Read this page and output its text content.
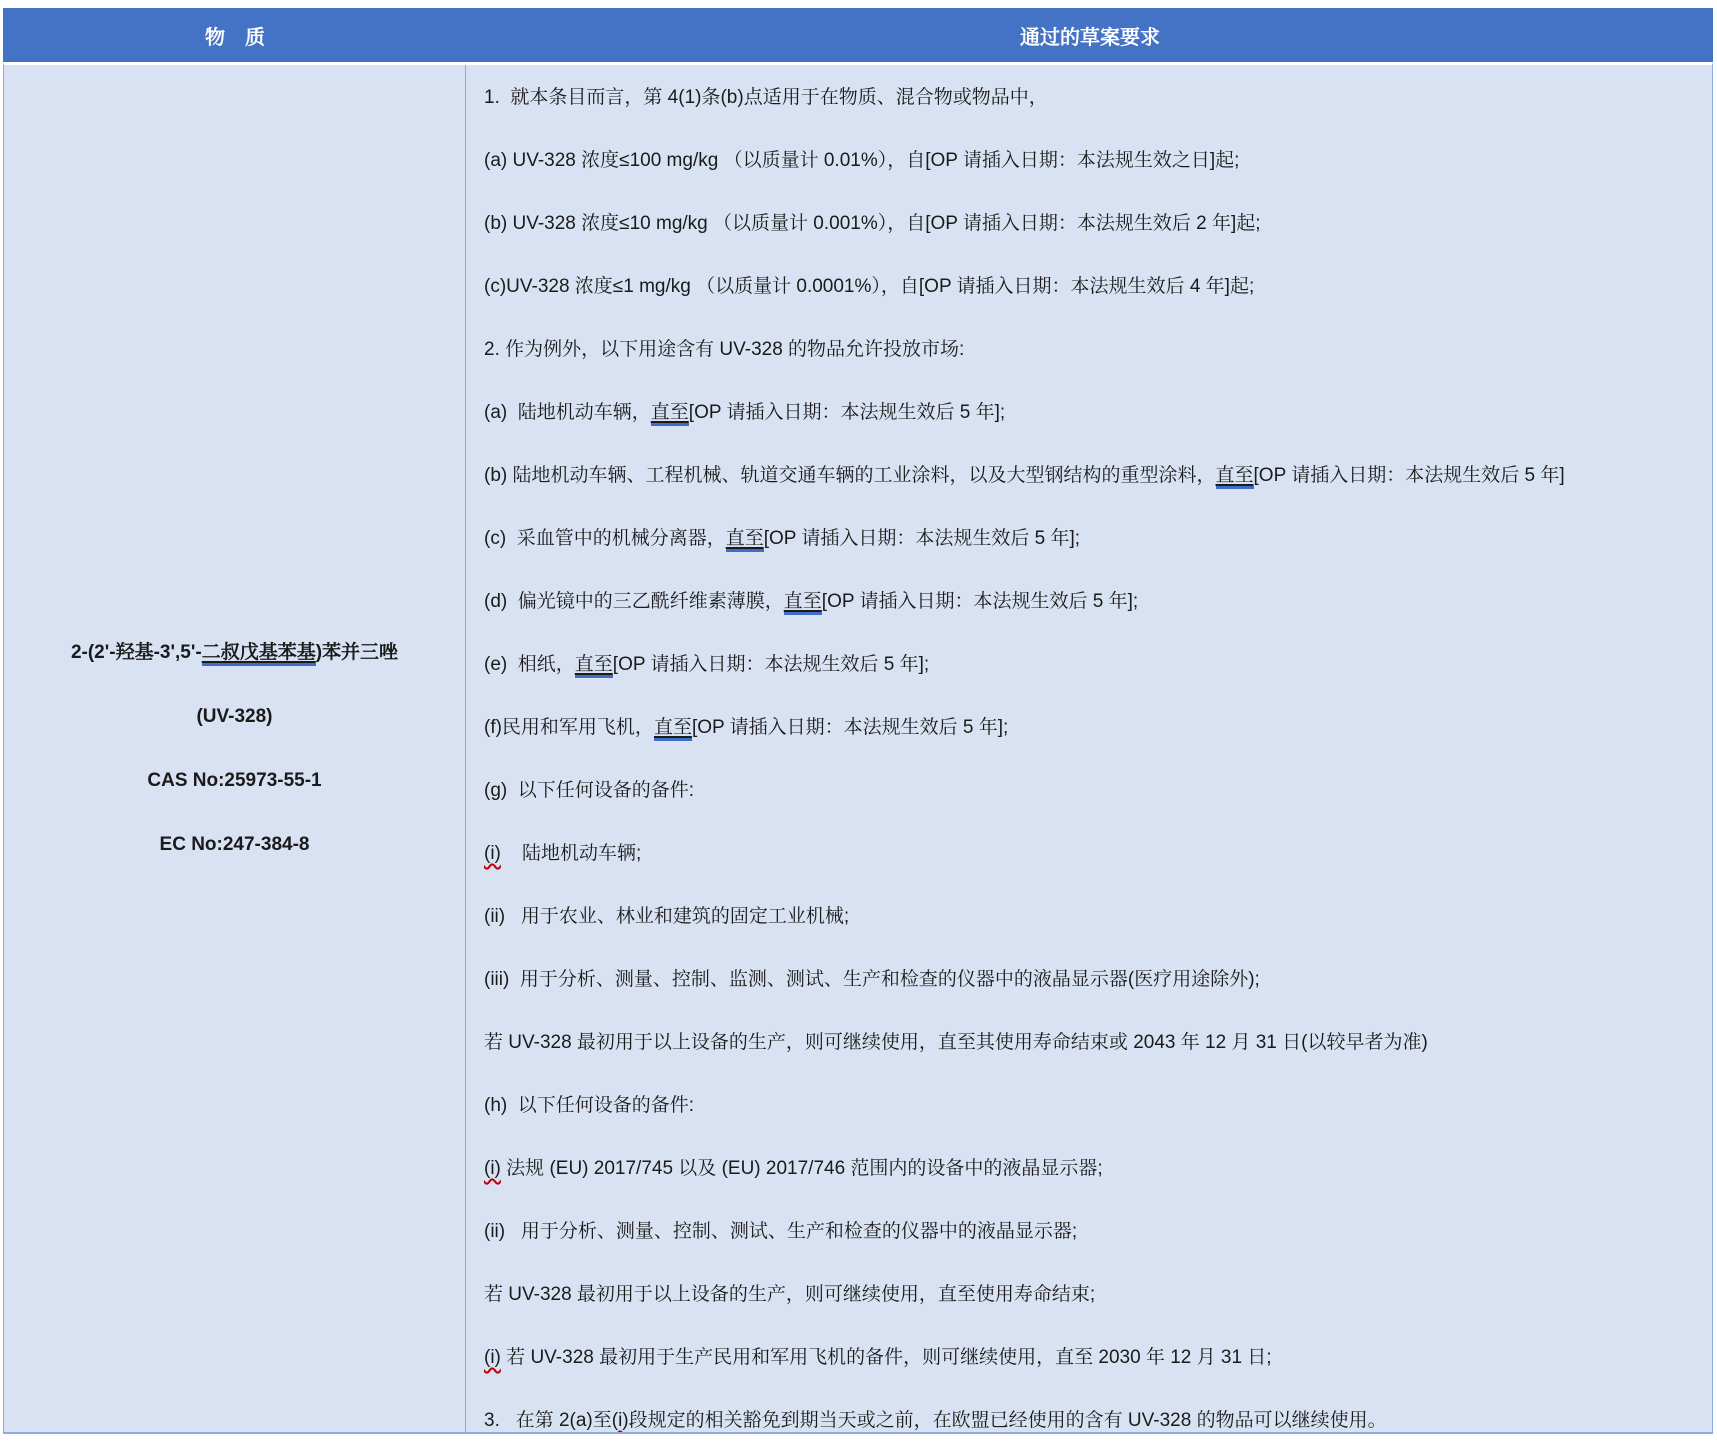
物　质	通过的草案要求

2-(2'-羟基-3',5'-二叔戊基苯基)苯并三唑

(UV-328)

CAS No:25973-55-1

EC No:247-384-8

1.  就本条目而言，第 4(1)条(b)点适用于在物质、混合物或物品中，

(a) UV-328 浓度≤100 mg/kg （以质量计 0.01%），自[OP 请插入日期：本法规生效之日]起;

(b) UV-328 浓度≤10 mg/kg （以质量计 0.001%），自[OP 请插入日期：本法规生效后 2 年]起;

(c)UV-328 浓度≤1 mg/kg （以质量计 0.0001%），自[OP 请插入日期：本法规生效后 4 年]起;

2. 作为例外，以下用途含有 UV-328 的物品允许投放市场:

(a)  陆地机动车辆，直至[OP 请插入日期：本法规生效后 5 年];

(b) 陆地机动车辆、工程机械、轨道交通车辆的工业涂料，以及大型钢结构的重型涂料，直至[OP 请插入日期：本法规生效后 5 年]

(c)  采血管中的机械分离器，直至[OP 请插入日期：本法规生效后 5 年];

(d)  偏光镜中的三乙酰纤维素薄膜，直至[OP 请插入日期：本法规生效后 5 年];

(e)  相纸，直至[OP 请插入日期：本法规生效后 5 年];

(f)民用和军用飞机，直至[OP 请插入日期：本法规生效后 5 年];

(g)  以下任何设备的备件:

(i)    陆地机动车辆;

(ii)   用于农业、林业和建筑的固定工业机械;

(iii)  用于分析、测量、控制、监测、测试、生产和检查的仪器中的液晶显示器(医疗用途除外);

若 UV-328 最初用于以上设备的生产，则可继续使用，直至其使用寿命结束或 2043 年 12 月 31 日(以较早者为准)

(h)  以下任何设备的备件:

(i) 法规 (EU) 2017/745 以及 (EU) 2017/746 范围内的设备中的液晶显示器;

(ii)   用于分析、测量、控制、测试、生产和检查的仪器中的液晶显示器;

若 UV-328 最初用于以上设备的生产，则可继续使用，直至使用寿命结束;

(i) 若 UV-328 最初用于生产民用和军用飞机的备件，则可继续使用，直至 2030 年 12 月 31 日;

3.   在第 2(a)至(i)段规定的相关豁免到期当天或之前，在欧盟已经使用的含有 UV-328 的物品可以继续使用。
